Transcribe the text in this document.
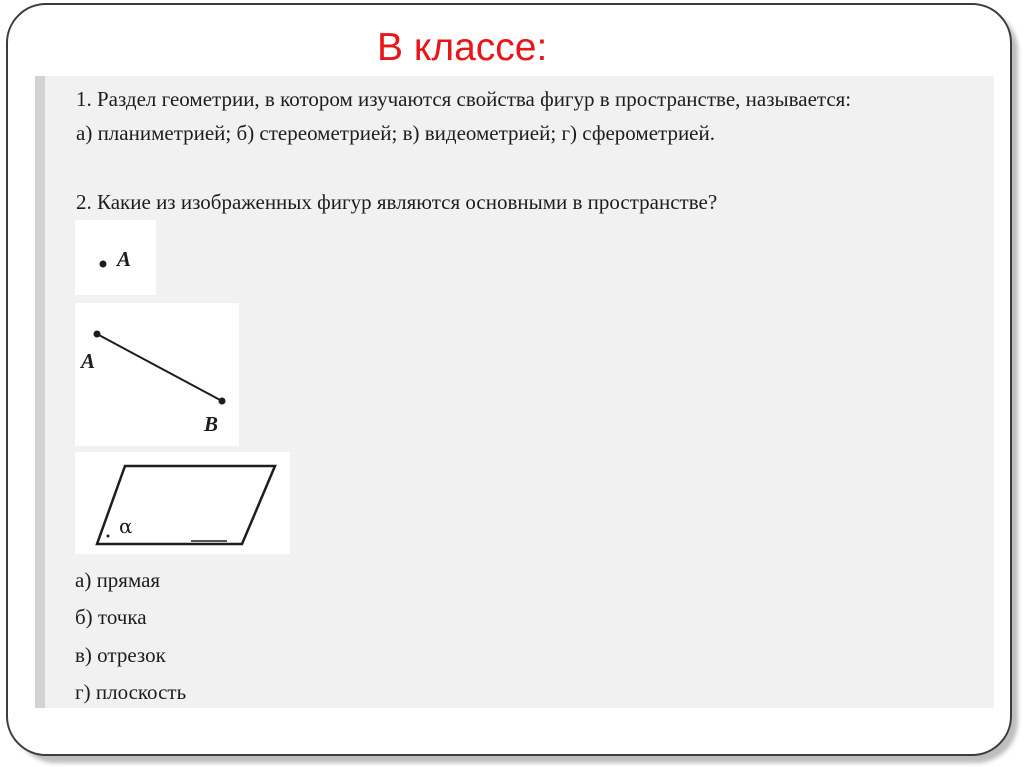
В классе:

1. Раздел геометрии, в котором изучаются свойства фигур в пространстве, называется:

а) планиметрией; б) стереометрией; в) видеометрией; г) сферометрией.

2. Какие из изображенных фигур являются основными в пространстве?

A
A
B
α

а) прямая

б) точка

в) отрезок

г) плоскость
